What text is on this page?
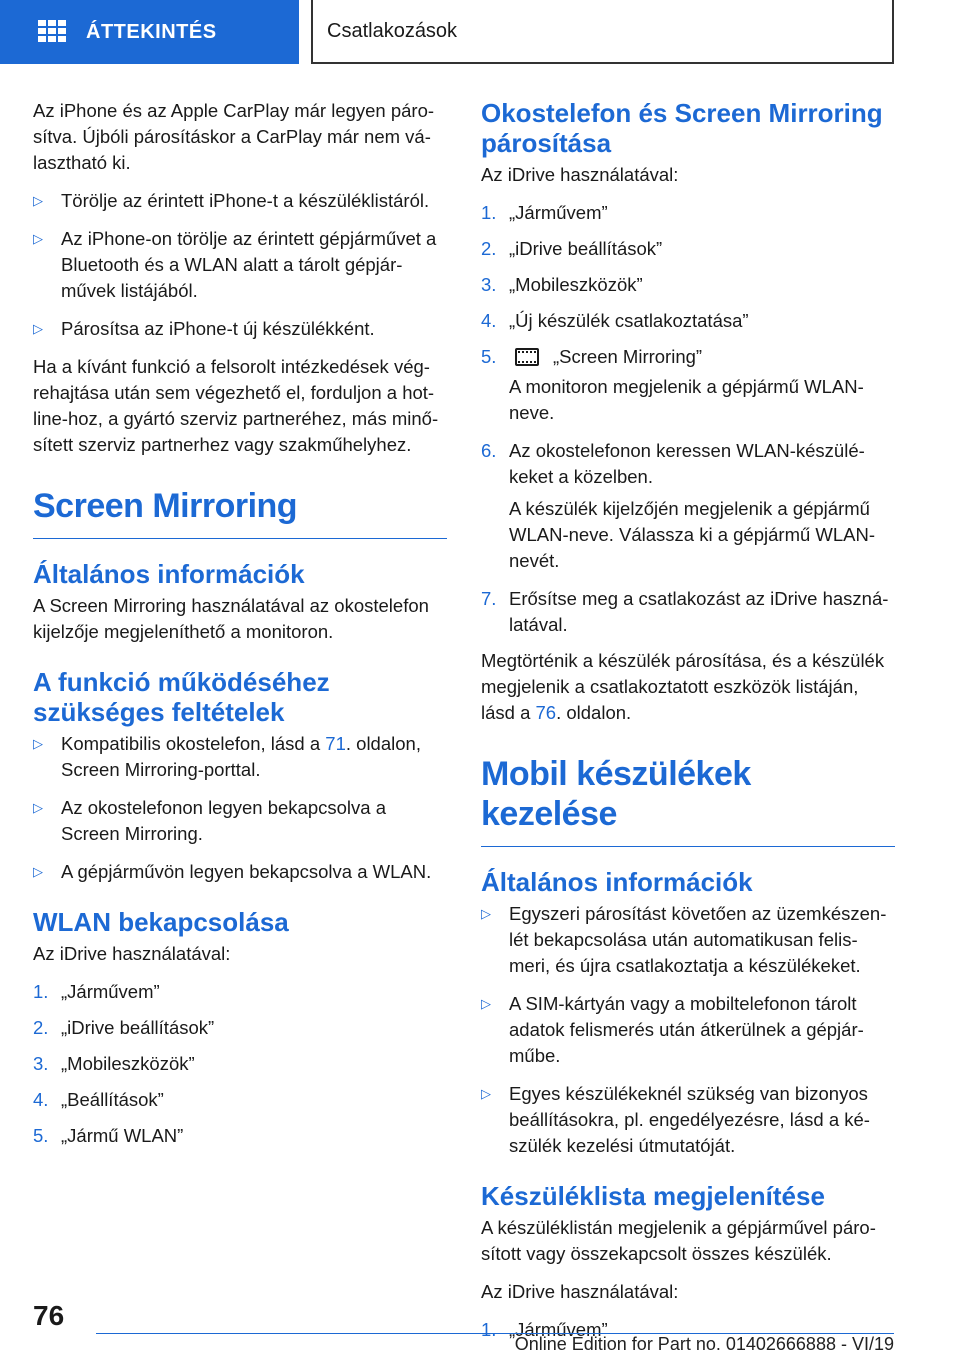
ÁTTEKINTÉS	Csatlakozások

Az iPhone és az Apple CarPlay már legyen páro-sítva. Újbóli párosításkor a CarPlay már nem vá-lasztható ki.

▷ Törölje az érintett iPhone-t a készüléklistáról.
▷ Az iPhone-on törölje az érintett gépjárművet a Bluetooth és a WLAN alatt a tárolt gépjár-művek listájából.
▷ Párosítsa az iPhone-t új készülékként.

Ha a kívánt funkció a felsorolt intézkedések vég-rehajtása után sem végezhető el, forduljon a hot-line-hoz, a gyártó szerviz partneréhez, más minő-sített szerviz partnerhez vagy szakműhelyhez.

Screen Mirroring
Általános információk

A Screen Mirroring használatával az okostelefon kijelzője megjeleníthető a monitoron.

A funkció működéséhez szükséges feltételek
▷ Kompatibilis okostelefon, lásd a 71. oldalon, Screen Mirroring-porttal.
▷ Az okostelefonon legyen bekapcsolva a Screen Mirroring.
▷ A gépjárművön legyen bekapcsolva a WLAN.
WLAN bekapcsolása

Az iDrive használatával:

1. „Járművem”
2. „iDrive beállítások”
3. „Mobileszközök”
4. „Beállítások”
5. „Jármű WLAN”
Okostelefon és Screen Mirroring párosítása

Az iDrive használatával:

1. „Járművem”
2. „iDrive beállítások”
3. „Mobileszközök”
4. „Új készülék csatlakoztatása”
5.	„Screen Mirroring”

A monitoron megjelenik a gépjármű WLAN-neve.

6. Az okostelefonon keressen WLAN-készülé-keket a közelben.

A készülék kijelzőjén megjelenik a gépjármű WLAN-neve. Válassza ki a gépjármű WLAN-nevét.

7. Erősítse meg a csatlakozást az iDrive haszná-latával.

Megtörténik a készülék párosítása, és a készülék megjelenik a csatlakoztatott eszközök listáján, lásd a 76. oldalon.

Mobil készülékek kezelése
Általános információk
▷ Egyszeri párosítást követően az üzemkészen-lét bekapcsolása után automatikusan felis-meri, és újra csatlakoztatja a készülékeket.
▷ A SIM-kártyán vagy a mobiltelefonon tárolt adatok felismerés után átkerülnek a gépjár-műbe.
▷ Egyes készülékeknél szükség van bizonyos beállításokra, pl. engedélyezésre, lásd a ké-szülék kezelési útmutatóját.
Készüléklista megjelenítése

A készüléklistán megjelenik a gépjárművel páro-sított vagy összekapcsolt összes készülék.

Az iDrive használatával:

1. „Járművem”
76
Online Edition for Part no. 01402666888 - VI/19
